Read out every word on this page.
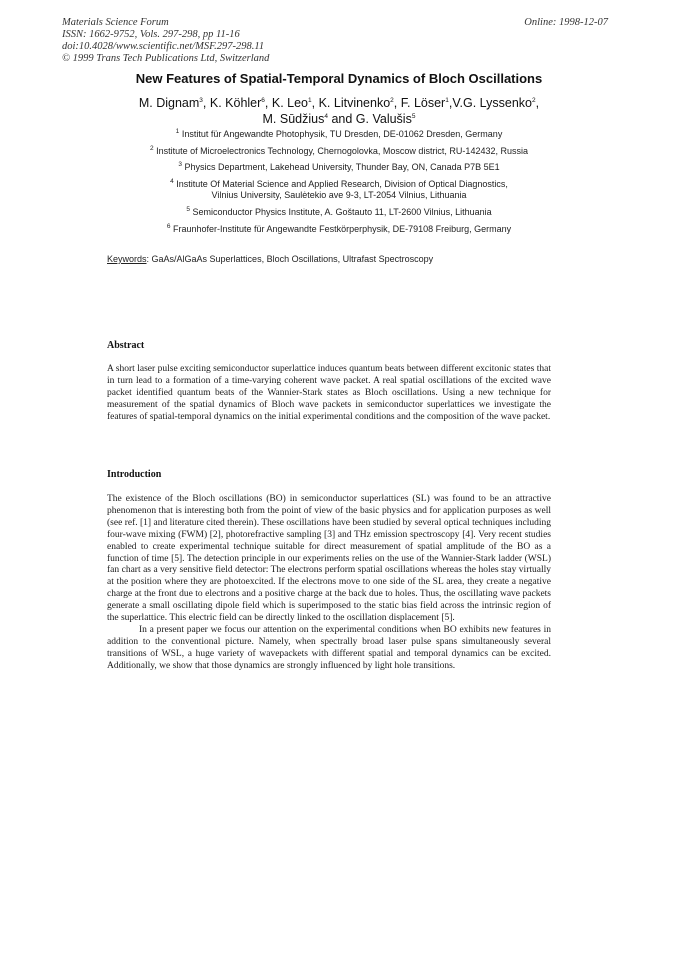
Materials Science Forum
ISSN: 1662-9752, Vols. 297-298, pp 11-16
doi:10.4028/www.scientific.net/MSF.297-298.11
© 1999 Trans Tech Publications Ltd, Switzerland
Online: 1998-12-07
New Features of Spatial-Temporal Dynamics of Bloch Oscillations
M. Dignam$^3$, K. Köhler$^6$, K. Leo$^1$, K. Litvinenko$^2$, F. Löser$^1$,V.G. Lyssenko$^2$,
M. Sūdžius$^4$ and G. Valušis$^5$
$^1$ Institut für Angewandte Photophysik, TU Dresden, DE-01062 Dresden, Germany
$^2$ Institute of Microelectronics Technology, Chernogolovka, Moscow district, RU-142432, Russia
$^3$ Physics Department, Lakehead University, Thunder Bay, ON, Canada P7B 5E1
$^4$ Institute Of Material Science and Applied Research, Division of Optical Diagnostics,
Vilnius University, Saulėtekio ave 9-3, LT-2054 Vilnius, Lithuania
$^5$ Semiconductor Physics Institute, A. Goštauto 11, LT-2600 Vilnius, Lithuania
$^6$ Fraunhofer-Institute für Angewandte Festkörperphysik, DE-79108 Freiburg, Germany
Keywords: GaAs/AlGaAs Superlattices, Bloch Oscillations, Ultrafast Spectroscopy
Abstract

A short laser pulse exciting semiconductor superlattice induces quantum beats between different excitonic states that in turn lead to a formation of a time-varying coherent wave packet. A real spatial oscillations of the excited wave packet identified quantum beats of the Wannier-Stark states as Bloch oscillations. Using a new technique for measurement of the spatial dynamics of Bloch wave packets in semiconductor superlattices we investigate the features of spatial-temporal dynamics on the initial experimental conditions and the composition of the wave packet.

Introduction

The existence of the Bloch oscillations (BO) in semiconductor superlattices (SL) was found to be an attractive phenomenon that is interesting both from the point of view of the basic physics and for application purposes as well (see ref. [1] and literature cited therein). These oscillations have been studied by several optical techniques including four-wave mixing (FWM) [2], photorefractive sampling [3] and THz emission spectroscopy [4]. Very recent studies enabled to create experimental technique suitable for direct measurement of spatial amplitude of the BO as a function of time [5]. The detection principle in our experiments relies on the use of the Wannier-Stark ladder (WSL) fan chart as a very sensitive field detector: The electrons perform spatial oscillations whereas the holes stay virtually at the position where they are photoexcited. If the electrons move to one side of the SL area, they create a negative charge at the front due to electrons and a positive charge at the back due to holes. Thus, the oscillating wave packets generate a small oscillating dipole field which is superimposed to the static bias field across the intrinsic region of the superlattice. This electric field can be directly linked to the oscillation displacement [5].

In a present paper we focus our attention on the experimental conditions when BO exhibits new features in addition to the conventional picture. Namely, when spectrally broad laser pulse spans simultaneously several transitions of WSL, a huge variety of wavepackets with different spatial and temporal dynamics can be excited. Additionally, we show that those dynamics are strongly influenced by light hole transitions.
